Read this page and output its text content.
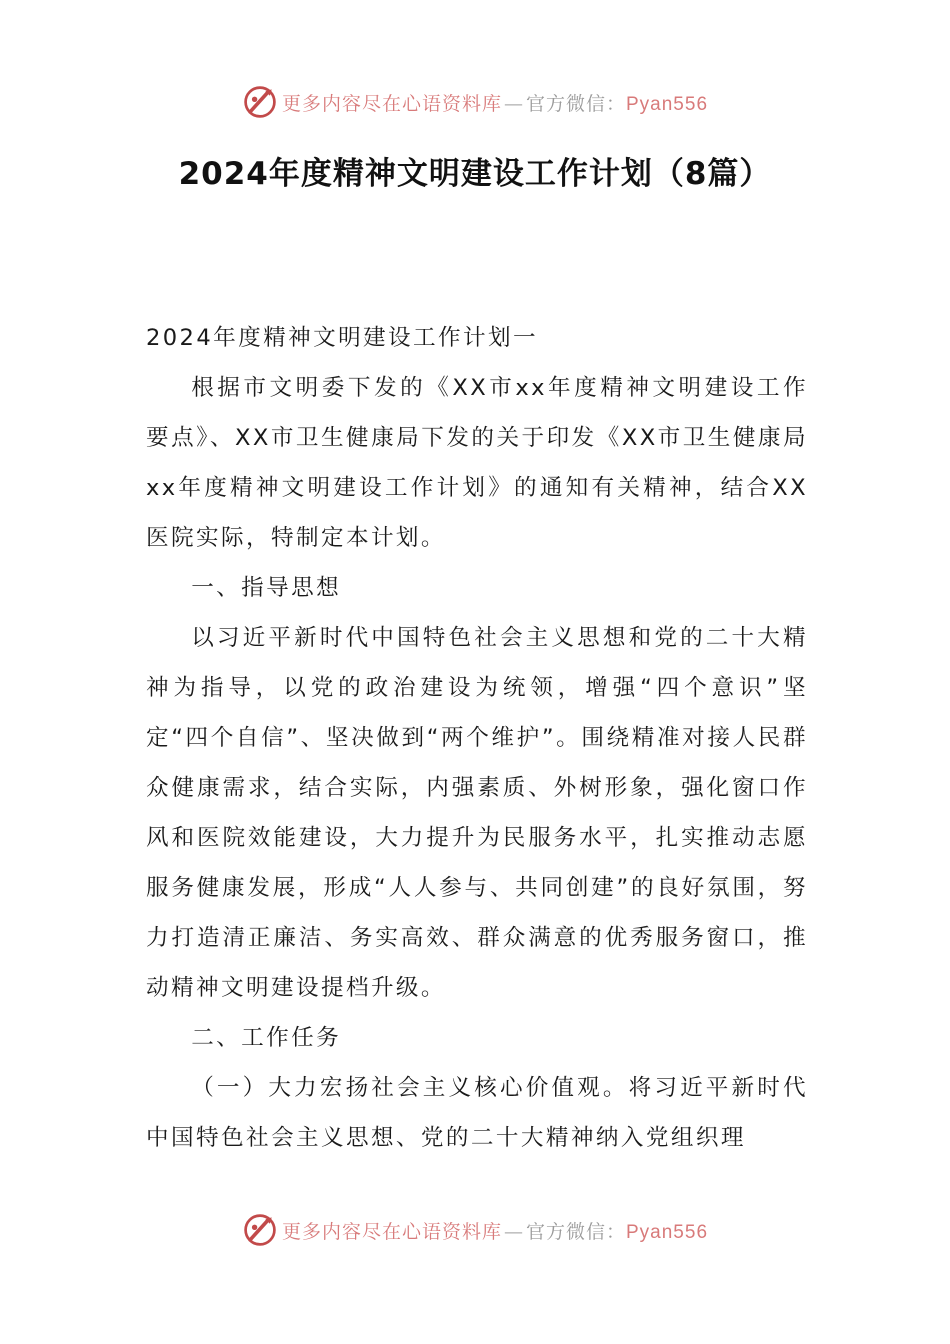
更多内容尽在心语资料库 — 官方微信：Pyan556
2024年度精神文明建设工作计划（8篇）

2024年度精神文明建设工作计划一

根据市文明委下发的《XX市xx年度精神文明建设工作要点》、XX市卫生健康局下发的关于印发《XX市卫生健康局xx年度精神文明建设工作计划》的通知有关精神，结合XX医院实际，特制定本计划。

一、指导思想

以习近平新时代中国特色社会主义思想和党的二十大精神为指导，以党的政治建设为统领，增强“四个意识”坚定“四个自信”、坚决做到“两个维护”。围绕精准对接人民群众健康需求，结合实际，内强素质、外树形象，强化窗口作风和医院效能建设，大力提升为民服务水平，扎实推动志愿服务健康发展，形成“人人参与、共同创建”的良好氛围，努力打造清正廉洁、务实高效、群众满意的优秀服务窗口，推动精神文明建设提档升级。

二、工作任务

（一）大力宏扬社会主义核心价值观。将习近平新时代中国特色社会主义思想、党的二十大精神纳入党组织理

更多内容尽在心语资料库 — 官方微信：Pyan556
